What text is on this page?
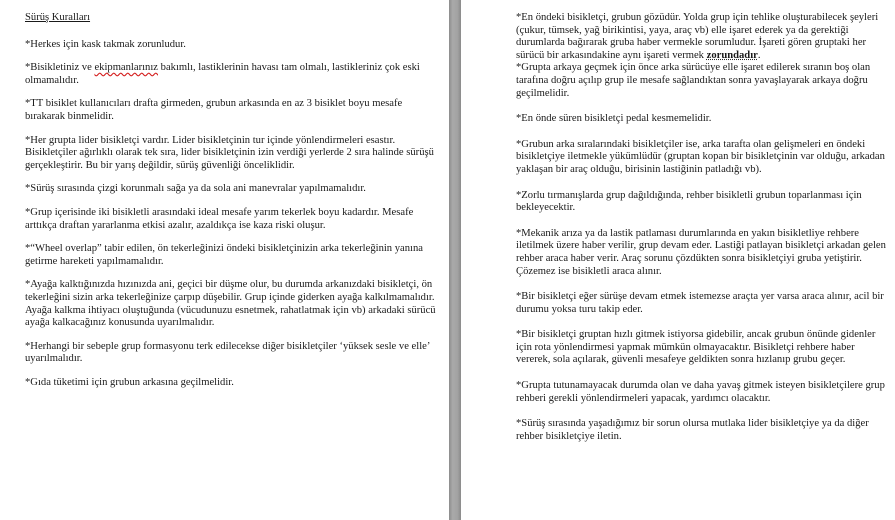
Sürüş Kuralları

*Herkes için kask takmak zorunludur.

*Bisikletiniz ve ekipmanlarınız bakımlı, lastiklerinin havası tam olmalı, lastikleriniz çok eski olmamalıdır.

*TT bisiklet kullanıcıları drafta girmeden, grubun arkasında en az 3 bisiklet boyu mesafe bırakarak binmelidir.

*Her grupta lider bisikletçi vardır. Lider bisikletçinin tur içinde yönlendirmeleri esastır. Bisikletçiler ağırlıklı olarak tek sıra, lider bisikletçinin izin verdiği yerlerde 2 sıra halinde sürüşü gerçekleştirir. Bu bir yarış değildir, sürüş güvenliği önceliklidir.

*Sürüş sırasında çizgi korunmalı sağa ya da sola ani manevralar yapılmamalıdır.

*Grup içerisinde iki bisikletli arasındaki ideal mesafe yarım tekerlek boyu kadardır. Mesafe arttıkça draftan yararlanma etkisi azalır, azaldıkça ise kaza riski oluşur.

*“Wheel overlap” tabir edilen, ön tekerleğinizi öndeki bisikletçinizin arka tekerleğinin yanına getirme hareketi yapılmamalıdır.

*Ayağa kalktığınızda hızınızda ani, geçici bir düşme olur, bu durumda arkanızdaki bisikletçi, ön tekerleğini sizin arka tekerleğinize çarpıp düşebilir. Grup içinde giderken ayağa kalkılmamalıdır. Ayağa kalkma ihtiyacı oluştuğunda (vücudunuzu esnetmek, rahatlatmak için vb) arkadaki sürücü ayağa kalkacağınız konusunda uyarılmalıdır.

*Herhangi bir sebeple grup formasyonu terk edilecekse diğer bisikletçiler ‘yüksek sesle ve elle’ uyarılmalıdır.

*Gıda tüketimi için grubun arkasına geçilmelidir.

*En öndeki bisikletçi, grubun gözüdür. Yolda grup için tehlike oluşturabilecek şeyleri (çukur, tümsek, yağ birikintisi, yaya, araç vb) elle işaret ederek ya da gerektiği durumlarda bağırarak gruba haber vermekle sorumludur. İşareti gören gruptaki her sürücü bir arkasındakine aynı işareti vermek zorundadır.

*Grupta arkaya geçmek için önce arka sürücüye elle işaret edilerek sıranın boş olan tarafına doğru açılıp grup ile mesafe sağlandıktan sonra yavaşlayarak arkaya doğru geçilmelidir.

*En önde süren bisikletçi pedal kesmemelidir.

*Grubun arka sıralarındaki bisikletçiler ise, arka tarafta olan gelişmeleri en öndeki bisikletçiye iletmekle yükümlüdür (gruptan kopan bir bisikletçinin var olduğu, arkadan yaklaşan bir araç olduğu, birisinin lastiğinin patladığı vb).

*Zorlu tırmanışlarda grup dağıldığında, rehber bisikletli grubun toparlanması için bekleyecektir.

*Mekanik arıza ya da lastik patlaması durumlarında en yakın bisikletliye rehbere iletilmek üzere haber verilir, grup devam eder. Lastiği patlayan bisikletçi arkadan gelen rehber araca haber verir. Araç sorunu çözdükten sonra bisikletçiyi gruba yetiştirir. Çözemez ise bisikletli araca alınır.

*Bir bisikletçi eğer sürüşe devam etmek istemezse araçta yer varsa araca alınır, acil bir durumu yoksa turu takip eder.

*Bir bisikletçi gruptan hızlı gitmek istiyorsa gidebilir, ancak grubun önünde gidenler için rota yönlendirmesi yapmak mümkün olmayacaktır. Bisikletçi rehbere haber vererek, sola açılarak, güvenli mesafeye geldikten sonra hızlanıp grubu geçer.

*Grupta tutunamayacak durumda olan ve daha yavaş gitmek isteyen bisikletçilere grup rehberi gerekli yönlendirmeleri yapacak, yardımcı olacaktır.

*Sürüş sırasında yaşadığımız bir sorun olursa mutlaka lider bisikletçiye ya da diğer rehber bisikletçiye iletin.
